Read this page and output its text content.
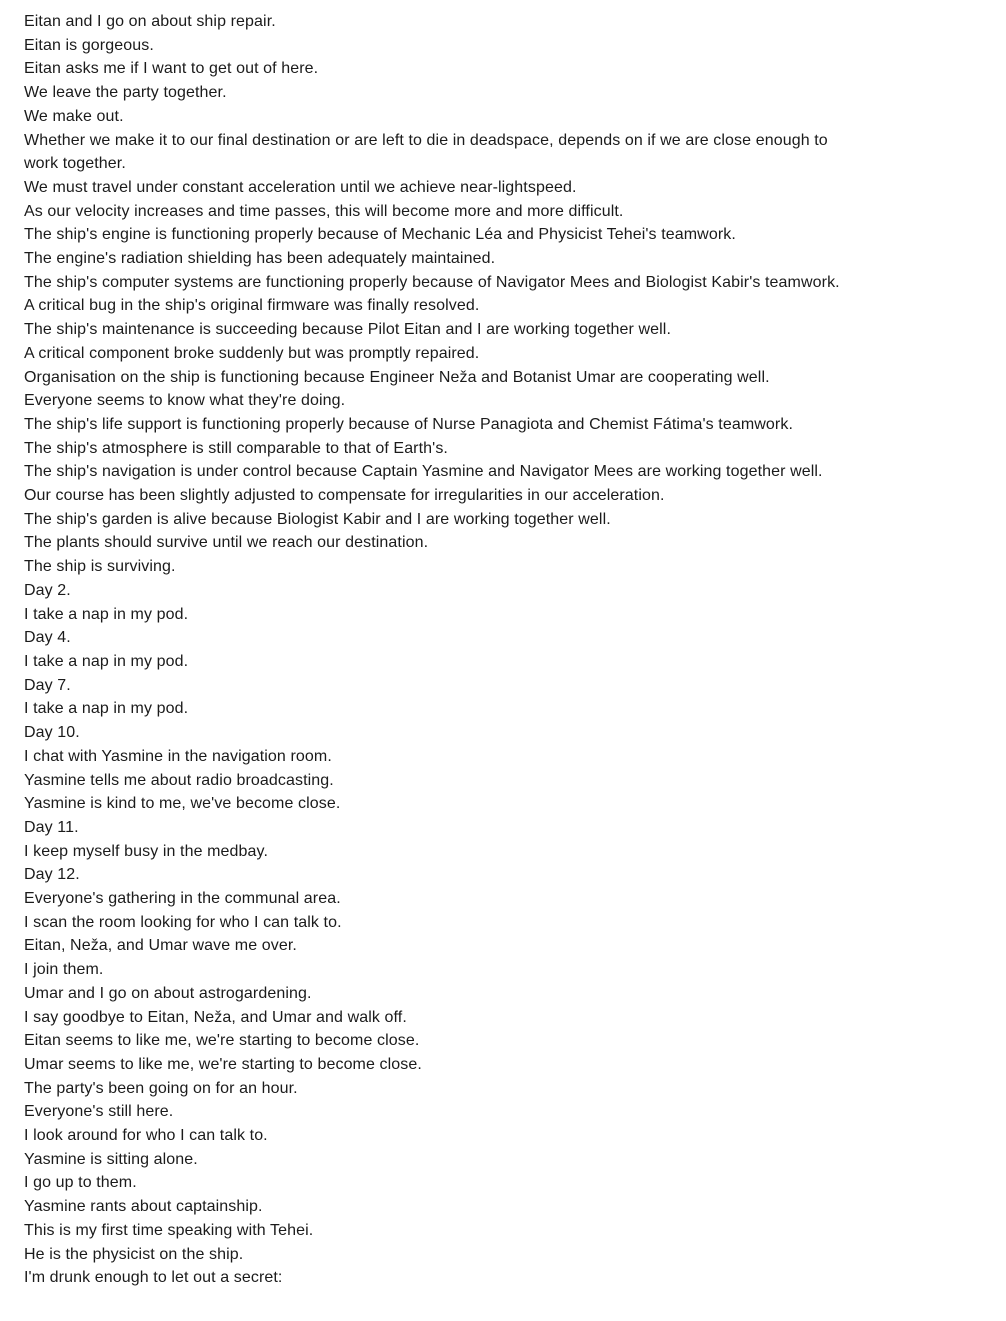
Eitan and I go on about ship repair.
Eitan is gorgeous.
Eitan asks me if I want to get out of here.
We leave the party together.
We make out.
Whether we make it to our final destination or are left to die in deadspace, depends on if we are close enough to
work together.
We must travel under constant acceleration until we achieve near-lightspeed.
As our velocity increases and time passes, this will become more and more difficult.
The ship's engine is functioning properly because of Mechanic Léa and Physicist Tehei's teamwork.
The engine's radiation shielding has been adequately maintained.
The ship's computer systems are functioning properly because of Navigator Mees and Biologist Kabir's teamwork.
A critical bug in the ship's original firmware was finally resolved.
The ship's maintenance is succeeding because Pilot Eitan and I are working together well.
A critical component broke suddenly but was promptly repaired.
Organisation on the ship is functioning because Engineer Neža and Botanist Umar are cooperating well.
Everyone seems to know what they're doing.
The ship's life support is functioning properly because of Nurse Panagiota and Chemist Fátima's teamwork.
The ship's atmosphere is still comparable to that of Earth's.
The ship's navigation is under control because Captain Yasmine and Navigator Mees are working together well.
Our course has been slightly adjusted to compensate for irregularities in our acceleration.
The ship's garden is alive because Biologist Kabir and I are working together well.
The plants should survive until we reach our destination.
The ship is surviving.
Day 2.
I take a nap in my pod.
Day 4.
I take a nap in my pod.
Day 7.
I take a nap in my pod.
Day 10.
I chat with Yasmine in the navigation room.
Yasmine tells me about radio broadcasting.
Yasmine is kind to me, we've become close.
Day 11.
I keep myself busy in the medbay.
Day 12.
Everyone's gathering in the communal area.
I scan the room looking for who I can talk to.
Eitan, Neža, and Umar wave me over.
I join them.
Umar and I go on about astrogardening.
I say goodbye to Eitan, Neža, and Umar and walk off.
Eitan seems to like me, we're starting to become close.
Umar seems to like me, we're starting to become close.
The party's been going on for an hour.
Everyone's still here.
I look around for who I can talk to.
Yasmine is sitting alone.
I go up to them.
Yasmine rants about captainship.
This is my first time speaking with Tehei.
He is the physicist on the ship.
I'm drunk enough to let out a secret:
